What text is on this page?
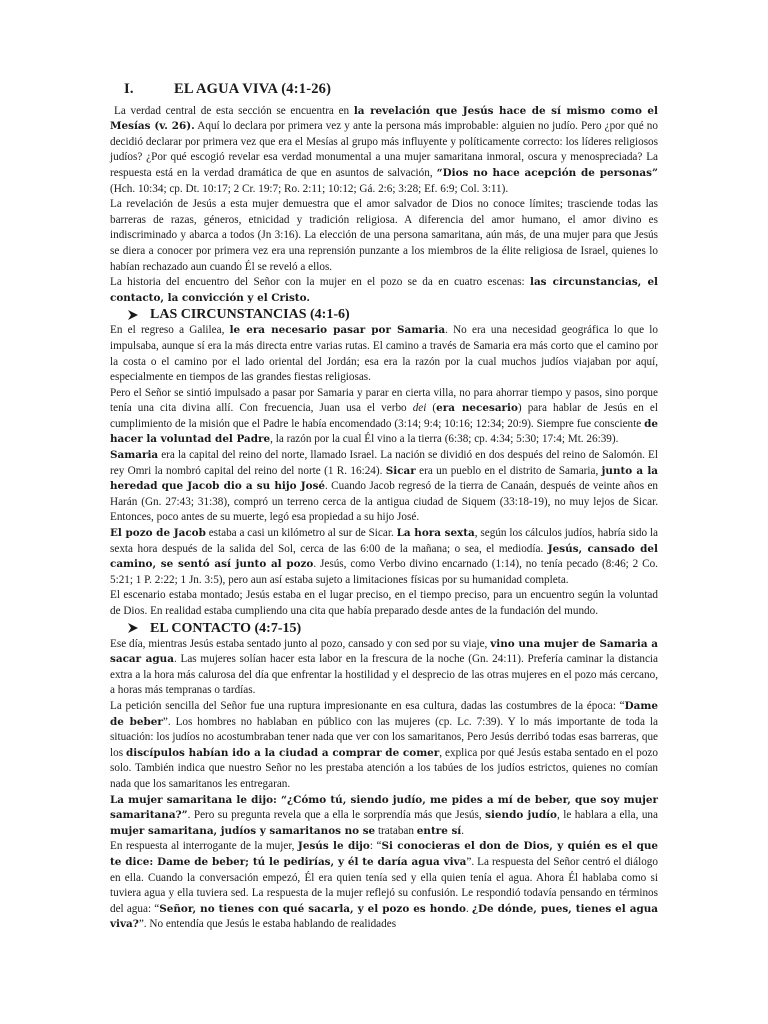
I.	EL AGUA VIVA (4:1-26)

La verdad central de esta sección se encuentra en la revelación que Jesús hace de sí mismo como el Mesías (v. 26). Aquí lo declara por primera vez y ante la persona más improbable: alguien no judío. Pero ¿por qué no decidió declarar por primera vez que era el Mesías al grupo más influyente y políticamente correcto: los líderes religiosos judíos? ¿Por qué escogió revelar esa verdad monumental a una mujer samaritana inmoral, oscura y menospreciada? La respuesta está en la verdad dramática de que en asuntos de salvación, “Dios no hace acepción de personas” (Hch. 10:34; cp. Dt. 10:17; 2 Cr. 19:7; Ro. 2:11; 10:12; Gá. 2:6; 3:28; Ef. 6:9; Col. 3:11).

La revelación de Jesús a esta mujer demuestra que el amor salvador de Dios no conoce límites; trasciende todas las barreras de razas, géneros, etnicidad y tradición religiosa. A diferencia del amor humano, el amor divino es indiscriminado y abarca a todos (Jn 3:16). La elección de una persona samaritana, aún más, de una mujer para que Jesús se diera a conocer por primera vez era una reprensión punzante a los miembros de la élite religiosa de Israel, quienes lo habían rechazado aun cuando Él se reveló a ellos.

La historia del encuentro del Señor con la mujer en el pozo se da en cuatro escenas: las circunstancias, el contacto, la convicción y el Cristo.

LAS CIRCUNSTANCIAS (4:1-6)

En el regreso a Galilea, le era necesario pasar por Samaria. No era una necesidad geográfica lo que lo impulsaba, aunque sí era la más directa entre varias rutas. El camino a través de Samaria era más corto que el camino por la costa o el camino por el lado oriental del Jordán; esa era la razón por la cual muchos judíos viajaban por aquí, especialmente en tiempos de las grandes fiestas religiosas.

Pero el Señor se sintió impulsado a pasar por Samaria y parar en cierta villa, no para ahorrar tiempo y pasos, sino porque tenía una cita divina allí. Con frecuencia, Juan usa el verbo dei (era necesario) para hablar de Jesús en el cumplimiento de la misión que el Padre le había encomendado (3:14; 9:4; 10:16; 12:34; 20:9). Siempre fue consciente de hacer la voluntad del Padre, la razón por la cual Él vino a la tierra (6:38; cp. 4:34; 5:30; 17:4; Mt. 26:39).

Samaria era la capital del reino del norte, llamado Israel. La nación se dividió en dos después del reino de Salomón. El rey Omri la nombró capital del reino del norte (1 R. 16:24). Sicar era un pueblo en el distrito de Samaria, junto a la heredad que Jacob dio a su hijo José. Cuando Jacob regresó de la tierra de Canaán, después de veinte años en Harán (Gn. 27:43; 31:38), compró un terreno cerca de la antigua ciudad de Siquem (33:18-19), no muy lejos de Sicar. Entonces, poco antes de su muerte, legó esa propiedad a su hijo José.

El pozo de Jacob estaba a casi un kilómetro al sur de Sicar. La hora sexta, según los cálculos judíos, habría sido la sexta hora después de la salida del Sol, cerca de las 6:00 de la mañana; o sea, el mediodía. Jesús, cansado del camino, se sentó así junto al pozo. Jesús, como Verbo divino encarnado (1:14), no tenía pecado (8:46; 2 Co. 5:21; 1 P. 2:22; 1 Jn. 3:5), pero aun así estaba sujeto a limitaciones físicas por su humanidad completa.

El escenario estaba montado; Jesús estaba en el lugar preciso, en el tiempo preciso, para un encuentro según la voluntad de Dios. En realidad estaba cumpliendo una cita que había preparado desde antes de la fundación del mundo.

EL CONTACTO (4:7-15)

Ese día, mientras Jesús estaba sentado junto al pozo, cansado y con sed por su viaje, vino una mujer de Samaria a sacar agua. Las mujeres solían hacer esta labor en la frescura de la noche (Gn. 24:11). Prefería caminar la distancia extra a la hora más calurosa del día que enfrentar la hostilidad y el desprecio de las otras mujeres en el pozo más cercano, a horas más tempranas o tardías.

La petición sencilla del Señor fue una ruptura impresionante en esa cultura, dadas las costumbres de la época: “Dame de beber”. Los hombres no hablaban en público con las mujeres (cp. Lc. 7:39). Y lo más importante de toda la situación: los judíos no acostumbraban tener nada que ver con los samaritanos, Pero Jesús derribó todas esas barreras, que los discípulos habían ido a la ciudad a comprar de comer, explica por qué Jesús estaba sentado en el pozo solo. También indica que nuestro Señor no les prestaba atención a los tabúes de los judíos estrictos, quienes no comían nada que los samaritanos les entregaran.

La mujer samaritana le dijo: “¿Cómo tú, siendo judío, me pides a mí de beber, que soy mujer samaritana?”. Pero su pregunta revela que a ella le sorprendía más que Jesús, siendo judío, le hablara a ella, una mujer samaritana, judíos y samaritanos no se trataban entre sí.

En respuesta al interrogante de la mujer, Jesús le dijo: “Si conocieras el don de Dios, y quién es el que te dice: Dame de beber; tú le pedirías, y él te daría agua viva”. La respuesta del Señor centró el diálogo en ella. Cuando la conversación empezó, Él era quien tenía sed y ella quien tenía el agua. Ahora Él hablaba como si tuviera agua y ella tuviera sed. La respuesta de la mujer reflejó su confusión. Le respondió todavía pensando en términos del agua: “Señor, no tienes con qué sacarla, y el pozo es hondo. ¿De dónde, pues, tienes el agua viva?”. No entendía que Jesús le estaba hablando de realidades
